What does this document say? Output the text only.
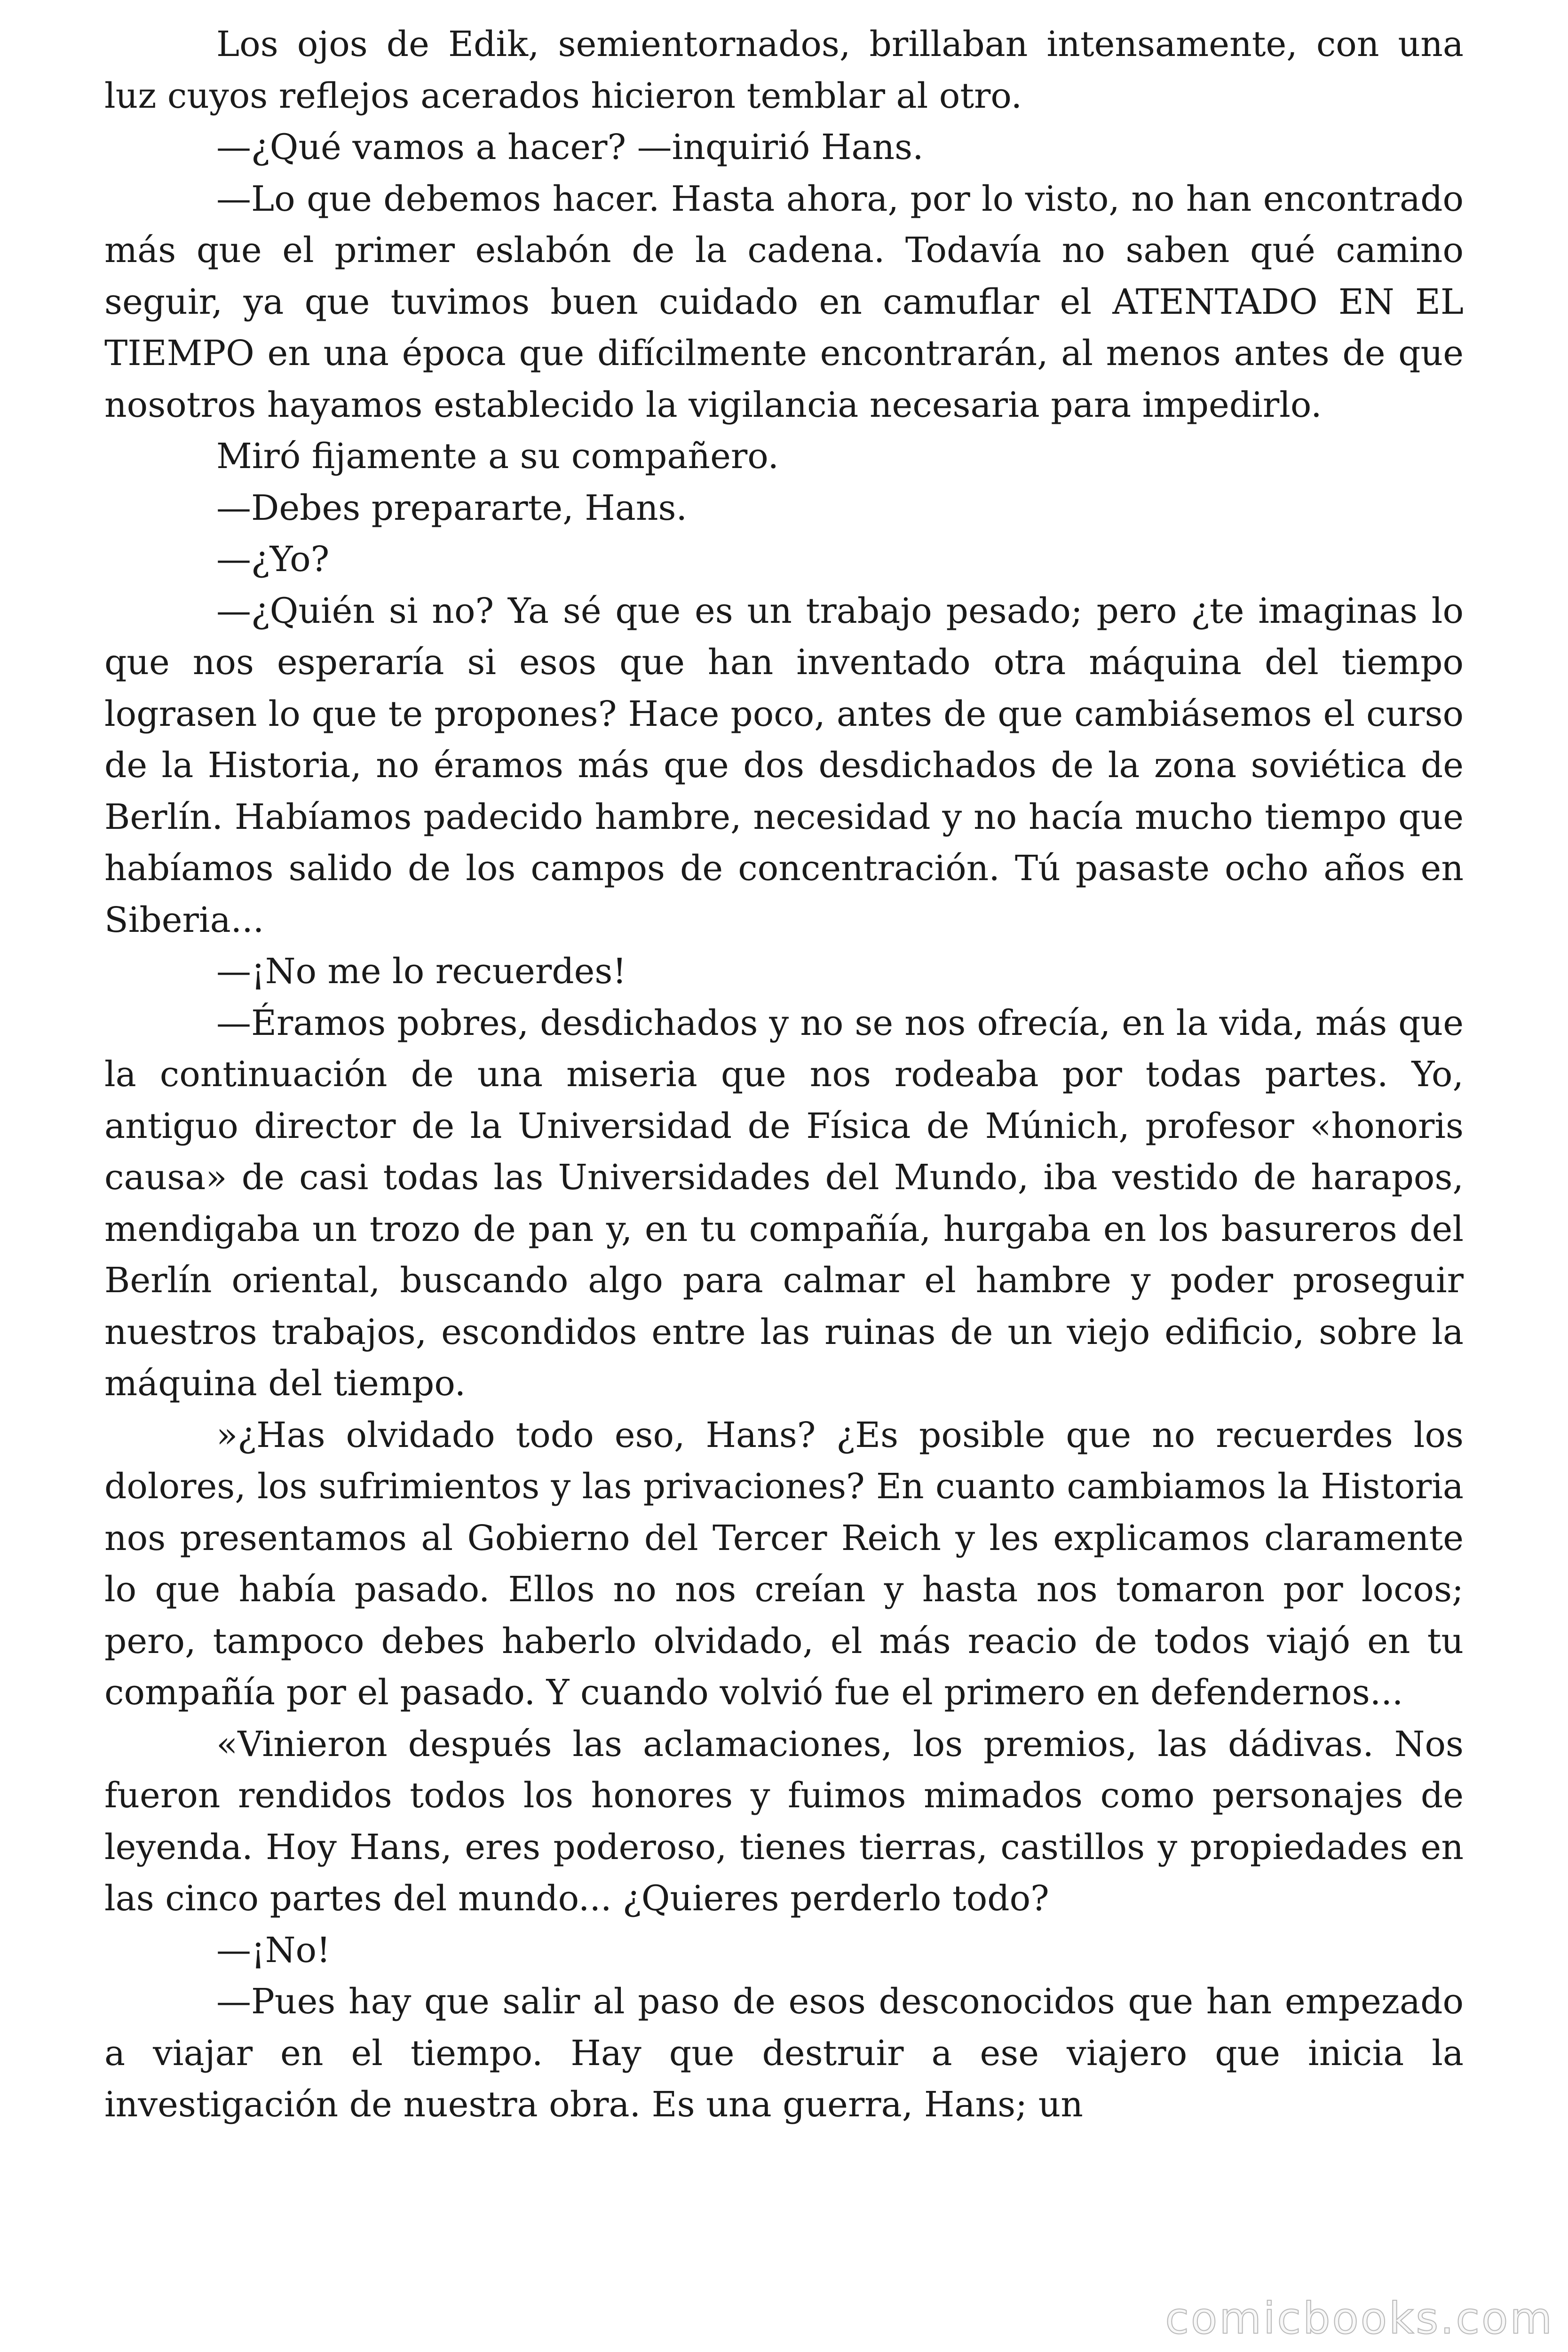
Los ojos de Edik, semientornados, brillaban intensamente, con una luz cuyos reflejos acerados hicieron temblar al otro.

—¿Qué vamos a hacer? —inquirió Hans.

—Lo que debemos hacer. Hasta ahora, por lo visto, no han encontrado más que el primer eslabón de la cadena. Todavía no saben qué camino seguir, ya que tuvimos buen cuidado en camuflar el ATENTADO EN EL TIEMPO en una época que difícilmente encontrarán, al menos antes de que nosotros hayamos establecido la vigilancia necesaria para impedirlo.

Miró fijamente a su compañero.

—Debes prepararte, Hans.

—¿Yo?

—¿Quién si no? Ya sé que es un trabajo pesado; pero ¿te imaginas lo que nos esperaría si esos que han inventado otra máquina del tiempo lograsen lo que te propones? Hace poco, antes de que cambiásemos el curso de la Historia, no éramos más que dos desdichados de la zona soviética de Berlín. Habíamos padecido hambre, necesidad y no hacía mucho tiempo que habíamos salido de los campos de concentración. Tú pasaste ocho años en Siberia...

—¡No me lo recuerdes!

—Éramos pobres, desdichados y no se nos ofrecía, en la vida, más que la continuación de una miseria que nos rodeaba por todas partes. Yo, antiguo director de la Universidad de Física de Múnich, profesor «honoris causa» de casi todas las Universidades del Mundo, iba vestido de harapos, mendigaba un trozo de pan y, en tu compañía, hurgaba en los basureros del Berlín oriental, buscando algo para calmar el hambre y poder proseguir nuestros trabajos, escondidos entre las ruinas de un viejo edificio, sobre la máquina del tiempo.

»¿Has olvidado todo eso, Hans? ¿Es posible que no recuerdes los dolores, los sufrimientos y las privaciones? En cuanto cambiamos la Historia nos presentamos al Gobierno del Tercer Reich y les explicamos claramente lo que había pasado. Ellos no nos creían y hasta nos tomaron por locos; pero, tampoco debes haberlo olvidado, el más reacio de todos viajó en tu compañía por el pasado. Y cuando volvió fue el primero en defendernos...

«Vinieron después las aclamaciones, los premios, las dádivas. Nos fueron rendidos todos los honores y fuimos mimados como personajes de leyenda. Hoy Hans, eres poderoso, tienes tierras, castillos y propiedades en las cinco partes del mundo... ¿Quieres perderlo todo?

—¡No!

—Pues hay que salir al paso de esos desconocidos que han empezado a viajar en el tiempo. Hay que destruir a ese viajero que inicia la investigación de nuestra obra. Es una guerra, Hans; un

comicbooks.com
